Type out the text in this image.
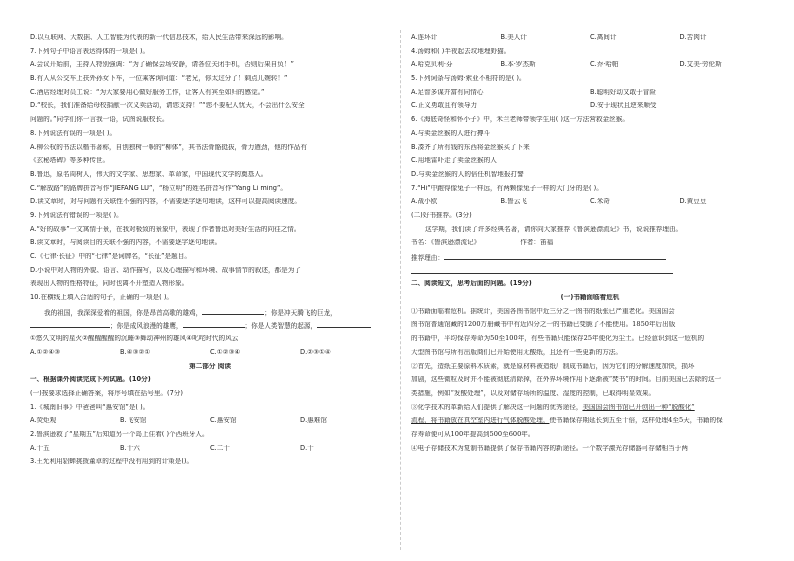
D.以互联网、大数据、人工智能为代表的新一代信息技术，给人民生活带来深远的影响。
7.下列句子中语言表达得体的一项是( )。
A.会议开始前，主持人特别强调：“为了确保会场安静，请各位关闭手机，否则后果自负！”
B.有人从公交车上扶外孙女下车，一位乘客询问道：“老兄，你太过分了！剩点儿婉转！”
C.酒店经理对员工说：“为大家要用心做好服务工作，让客人有宾至如归的感觉。”
D.“校长，我们准备给母校捐献一次义卖活动，请您支持！”“您不要杞人忧天，不会出什么安全
问题的。”同学们你一言我一语，试图说服校长。
8.下列说法有误的一项是( )。
A.柳公权的书法以楷书著称，自创独树一帜的“柳体”，其书法骨骼挺拔，骨力遒劲，他的作品有
《玄秘塔碑》等多种传世。
B.鲁迅，原名周树人，伟大的文学家、思想家、革命家，中国现代文学的奠基人。
C.“解放路”的路牌拼音写作“JIEFANG LU”，“杨立明”的姓名拼音写作“Yang Li ming”。
D.读文章时，对与问题有关联性不强的内容，不需要逐字逐句地读，这样可以提高阅读速度。
9.下列说法有错误的一项是( )。
A.“好的故事”一文寓情于景，在我对极致的景象中，表现了作者鲁迅对美好生活的向往之情。
B.读文章时，与阅读目的关联不强的内容，不需要逐字逐句地读。
C.《七律·长征》中的“七律”是词牌名，“长征”是题目。
D.小说中对人物的外貌、语言、动作描写，以及心理描写和环境、故事情节的叙述，都是为了
表现出人物的性格特征，同时也离不开塑造人物形象。
10.在横线上填入合适的句子，正确的一项是( )。
我的祖国，我深深爱着的祖国，你是昂首高歌的雄鸡，	；你是冲天腾飞的巨龙，
；你是成风浪漫的雄鹰，	；你是人类智慧的起源，
①悠久文明的星火②醒醒醒醒的沉睡③舞动神州的雄风④叱咤时代的风云
A.①②④③	B.④③②①	C.①②③④	D.②③①④
第二部分 阅读
一、根据课外阅读完成下列试题。(10分)
(一)按要求选择正确答案，将序号填在括号里。(7分)
1.《城南旧事》中爸爸叫“惠安馆”是( )。
A.荧炬观	B.飞安馆	C.惠安馆	D.惠难馆
2.鲁滨逊救了“星期五”后知道另一个岛上住着( )个西班牙人。
A.十五	B.十六	C.二十	D.十
3.王允利用貂蝉挑拨董卓的过程中没有用到的计策是()。
A.连环计	B.美人计	C.离间计	D.苦肉计
4.汤姆和( )半夜起去坟地埋野猫。
A.哈克贝利·芬	B.本·罗杰斯	C.乔·哈帕	D.艾美·劳伦斯
5.下列词条与汤姆·索亚不相符的是( )。
A.足智多谋并富有同情心	B.聪明好动又敢于冒险
C.正义勇敢且有领导力	D.安于现状且逆来顺受
6.《海底奇怪和怀小子》中，米兰老师带领学生用( )这一方法营救金丝猴。
A.与卖金丝猴的人进行搏斗
B.凑齐了所有钱的东西将金丝猴买了下来
C.用地雷吓走了卖金丝猴的人
D.与卖金丝猴的人的倍任机智地报打警
7.“Hi”中跑得像兔子一样远，有两颗像兔子一样的大门牙的是( )。
A.战小欧	B.鲁云飞	C.米奇	D.黄豆豆
(二)好书推荐。(3分)
这学期，我们读了许多经典名著，请你向大家推荐《鲁滨逊漂流记》书，说说推荐理由。
书名：《鲁滨逊漂流记》	作者：笛福
推荐理由：
二、阅读短文，思考后面的问题。(19分)
(一)书籍面临着危机
①书籍面临着危机。据统计，美国各图书馆中近三分之一图书的纸张已严重老化。美国国会
图书馆普通馆藏的1200万册藏书中有近四分之一的书籍已变脆了不能使用。1850年后出版
的书籍中，平均保存寿命为50至100年，有些书籍只能保存25年便化为尘土。已经意识到这一危机的
大型图书馆与所有出版商们已开始使用无酸纸，且还有一些更新的方法。
②首先，造纸主要原料木质素，就是原材料被造纸厂制成书籍后，因为它们的分解速度加快，损坏
加剧，这些微粒及时并不能被彻底清除掉，在外界环境作用下逐渐被“焚书”的时间。目前美国已去除的这一
类措施，例如“发酸处理”，以及对储存场所的温度、湿度的控制，已取得明显效果。
③化学技术的革新给人们提供了解决这一问题的优秀途径，美国国会图书馆已开创出一种“脱酸化”
流程，将书籍放在真空室内进行气体脱酸处理，使书籍保存期延长到五至十倍，这样处理4至5天，书籍的保
存寿命便可从100年提高到500至600年。
④电子存储技术为复制书籍提供了保存书籍内容的新途径。一个数字激光存储器可存储相当于两
